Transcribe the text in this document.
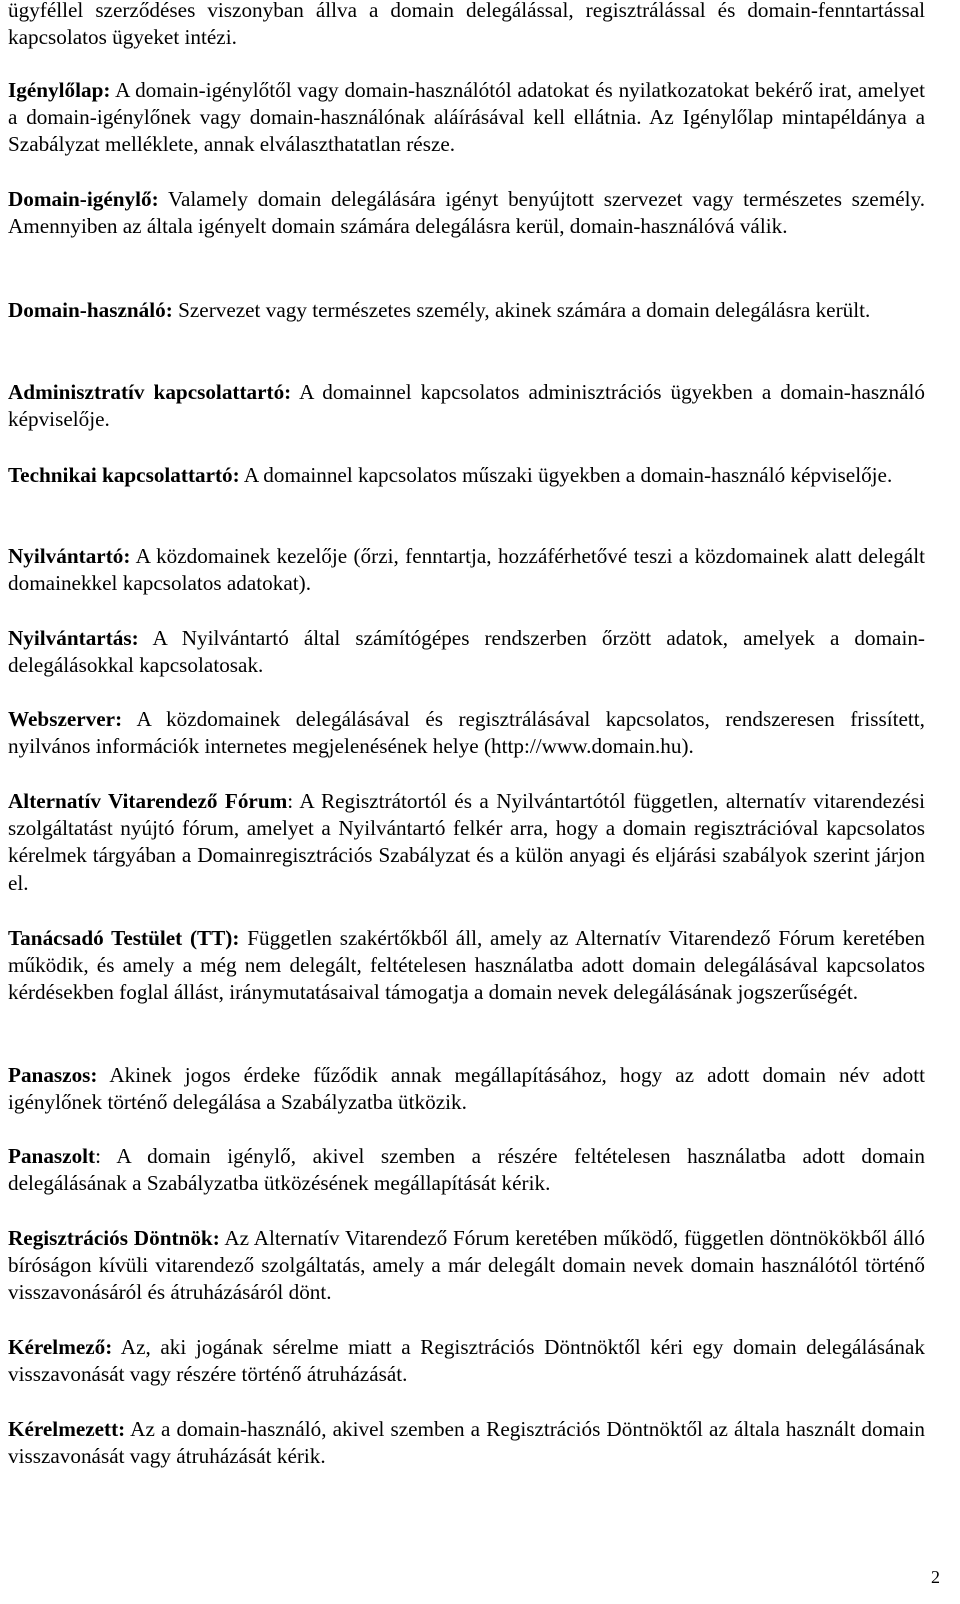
ügyféllel szerződéses viszonyban állva a domain delegálással, regisztrálással és domain-fenntartással kapcsolatos ügyeket intézi.

Igénylőlap: A domain-igénylőtől vagy domain-használótól adatokat és nyilatkozatokat bekérő irat, amelyet a domain-igénylőnek vagy domain-használónak aláírásával kell ellátnia. Az Igénylőlap mintapéldánya a Szabályzat melléklete, annak elválaszthatatlan része.

Domain-igénylő: Valamely domain delegálására igényt benyújtott szervezet vagy természetes személy. Amennyiben az általa igényelt domain számára delegálásra kerül, domain-használóvá válik.

Domain-használó: Szervezet vagy természetes személy, akinek számára a domain delegálásra került.

Adminisztratív kapcsolattartó: A domainnel kapcsolatos adminisztrációs ügyekben a domain-használó képviselője.

Technikai kapcsolattartó: A domainnel kapcsolatos műszaki ügyekben a domain-használó képviselője.

Nyilvántartó: A közdomainek kezelője (őrzi, fenntartja, hozzáférhetővé teszi a közdomainek alatt delegált domainekkel kapcsolatos adatokat).

Nyilvántartás: A Nyilvántartó által számítógépes rendszerben őrzött adatok, amelyek a domain-delegálásokkal kapcsolatosak.

Webszerver: A közdomainek delegálásával és regisztrálásával kapcsolatos, rendszeresen frissített, nyilvános információk internetes megjelenésének helye (http://www.domain.hu).

Alternatív Vitarendező Fórum: A Regisztrátortól és a Nyilvántartótól független, alternatív vitarendezési szolgáltatást nyújtó fórum, amelyet a Nyilvántartó felkér arra, hogy a domain regisztrációval kapcsolatos kérelmek tárgyában a Domainregisztrációs Szabályzat és a külön anyagi és eljárási szabályok szerint járjon el.

Tanácsadó Testület (TT): Független szakértőkből áll, amely az Alternatív Vitarendező Fórum keretében működik, és amely a még nem delegált, feltételesen használatba adott domain delegálásával kapcsolatos kérdésekben foglal állást, iránymutatásaival támogatja a domain nevek delegálásának jogszerűségét.

Panaszos: Akinek jogos érdeke fűződik annak megállapításához, hogy az adott domain név adott igénylőnek történő delegálása a Szabályzatba ütközik.

Panaszolt: A domain igénylő, akivel szemben a részére feltételesen használatba adott domain delegálásának a Szabályzatba ütközésének megállapítását kérik.

Regisztrációs Döntnök: Az Alternatív Vitarendező Fórum keretében működő, független döntnökökből álló bíróságon kívüli vitarendező szolgáltatás, amely a már delegált domain nevek domain használótól történő visszavonásáról és átruházásáról dönt.

Kérelmező: Az, aki jogának sérelme miatt a Regisztrációs Döntnöktől kéri egy domain delegálásának visszavonását vagy részére történő átruházását.

Kérelmezett: Az a domain-használó, akivel szemben a Regisztrációs Döntnöktől az általa használt domain visszavonását vagy átruházását kérik.

2
